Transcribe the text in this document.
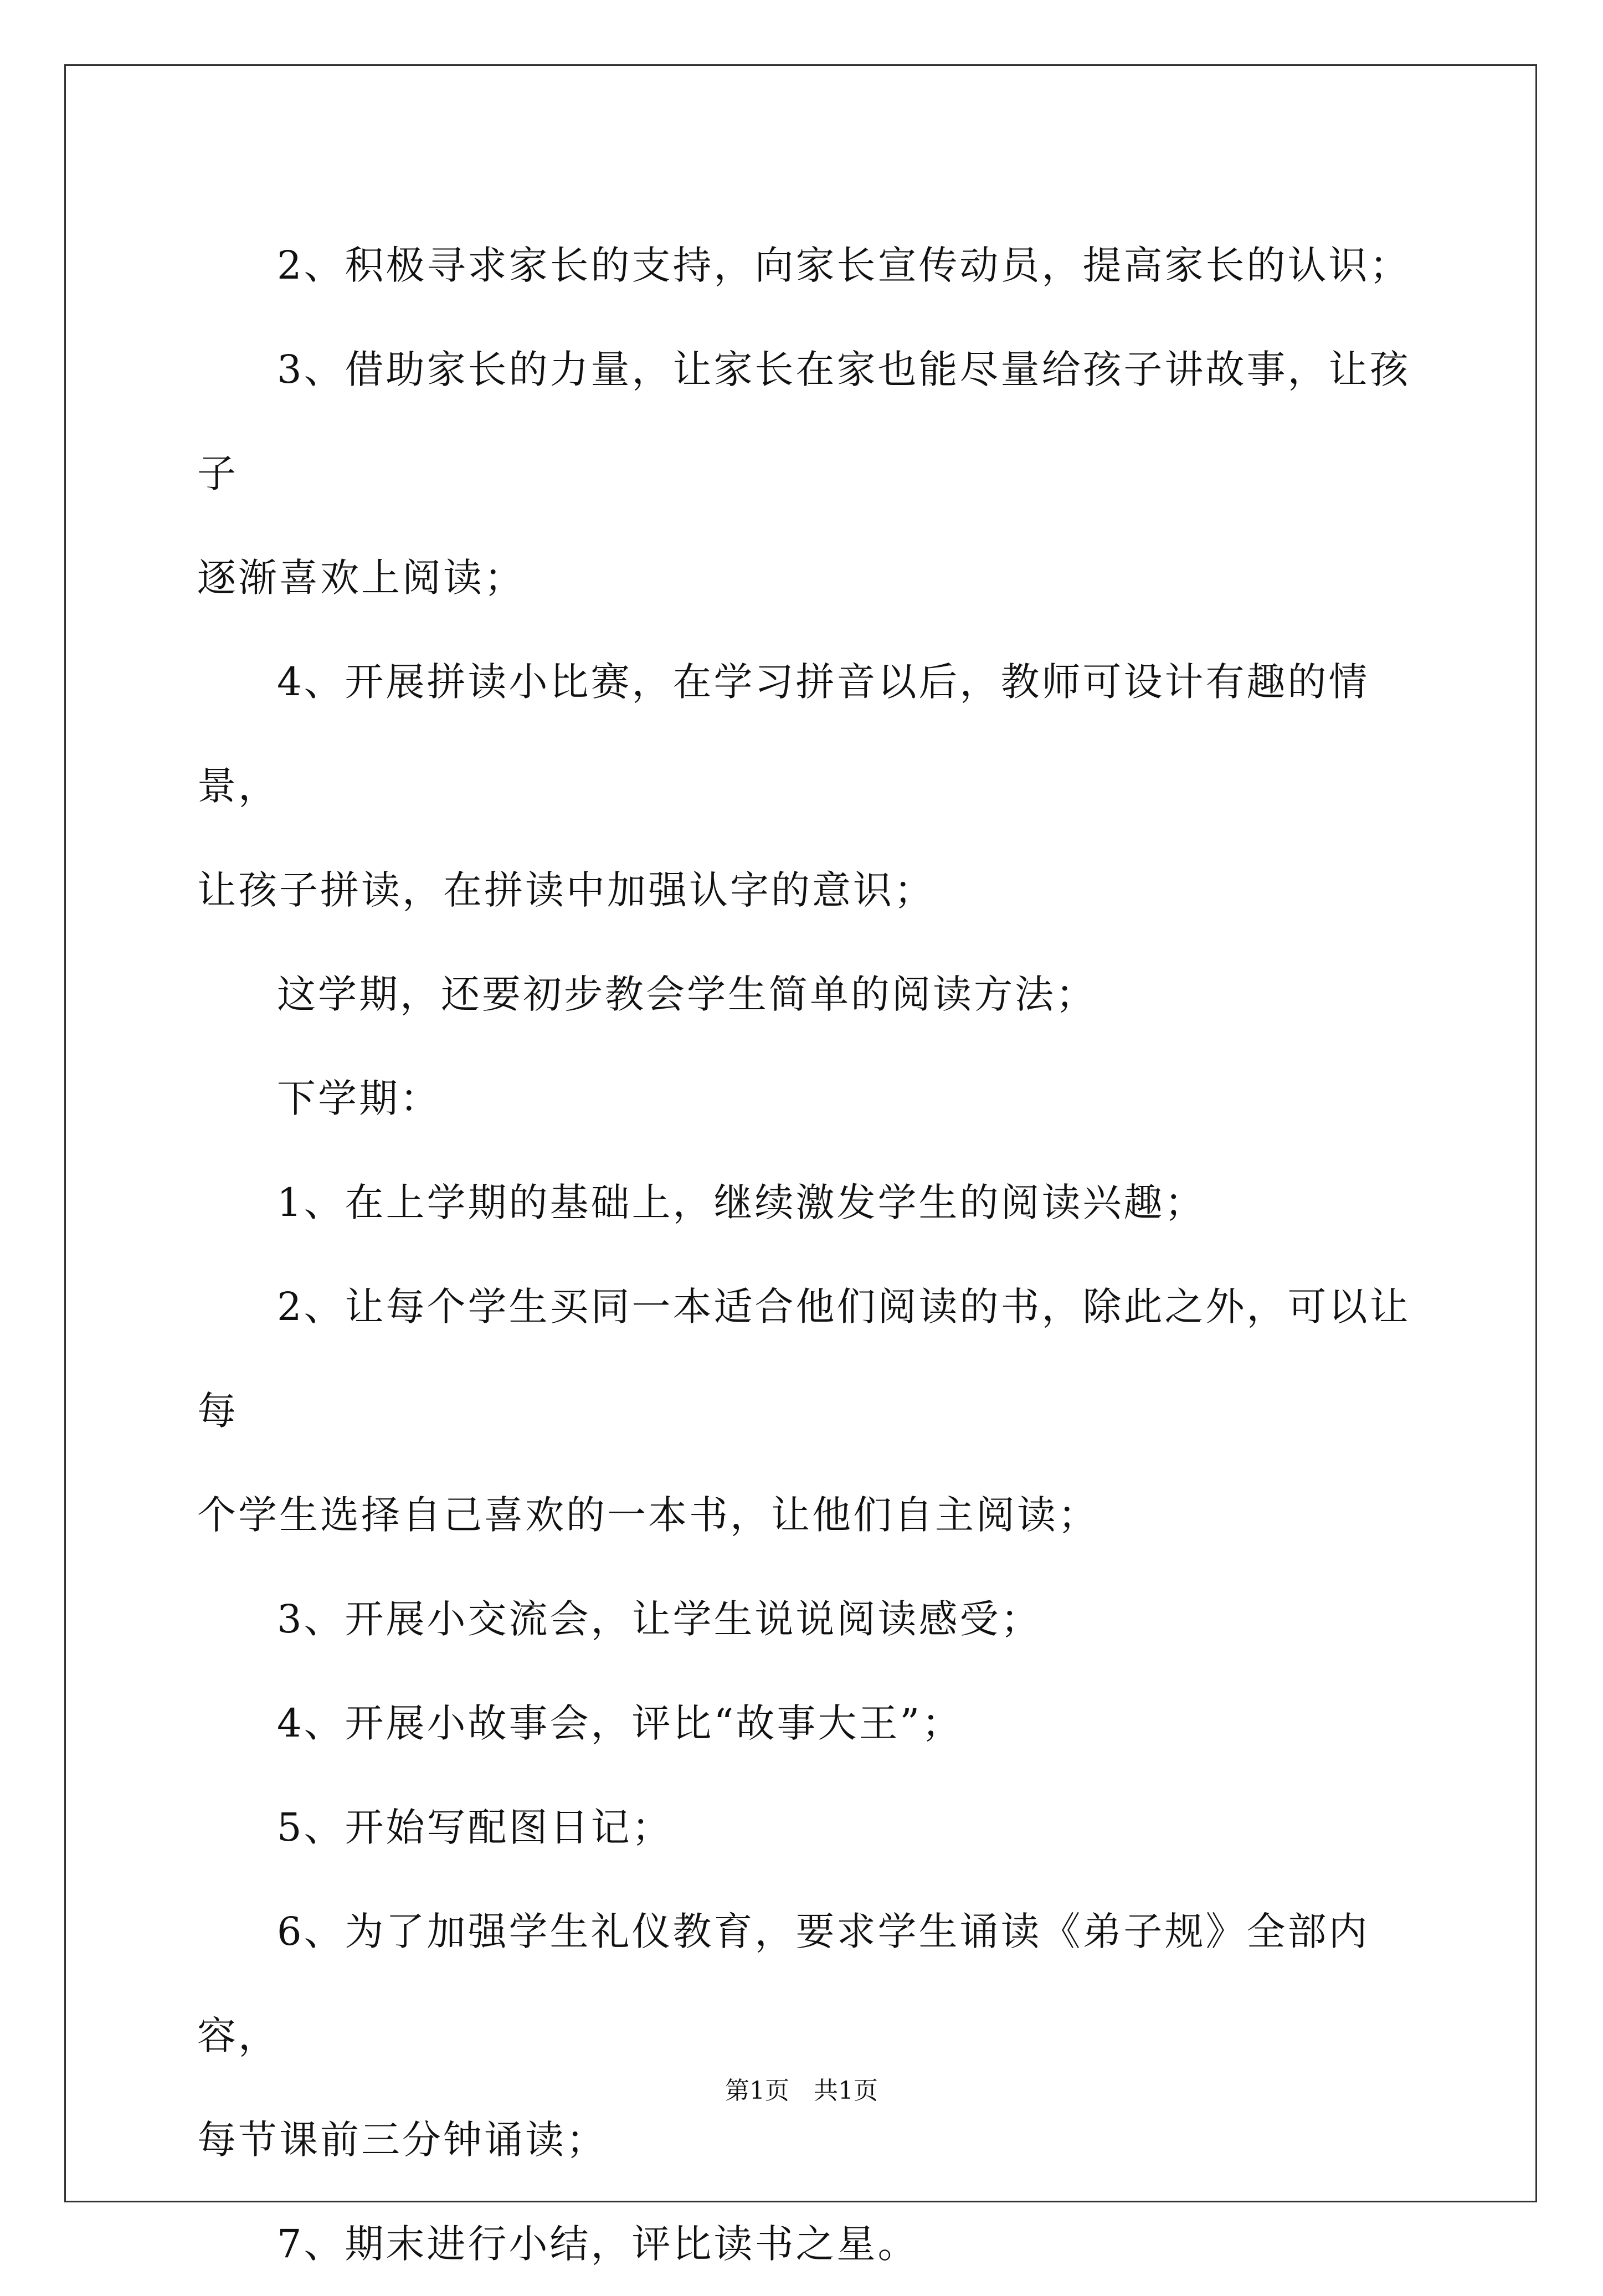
2、积极寻求家长的支持，向家长宣传动员，提高家长的认识；

3、借助家长的力量，让家长在家也能尽量给孩子讲故事，让孩子

逐渐喜欢上阅读；

4、开展拼读小比赛，在学习拼音以后，教师可设计有趣的情景，

让孩子拼读，在拼读中加强认字的意识；

这学期，还要初步教会学生简单的阅读方法；

下学期：

1、在上学期的基础上，继续激发学生的阅读兴趣；

2、让每个学生买同一本适合他们阅读的书，除此之外，可以让每

个学生选择自己喜欢的一本书，让他们自主阅读；

3、开展小交流会，让学生说说阅读感受；

4、开展小故事会，评比“故事大王”；

5、开始写配图日记；

6、为了加强学生礼仪教育，要求学生诵读《弟子规》全部内容，

每节课前三分钟诵读；

7、期末进行小结，评比读书之星。

第1页　共1页
